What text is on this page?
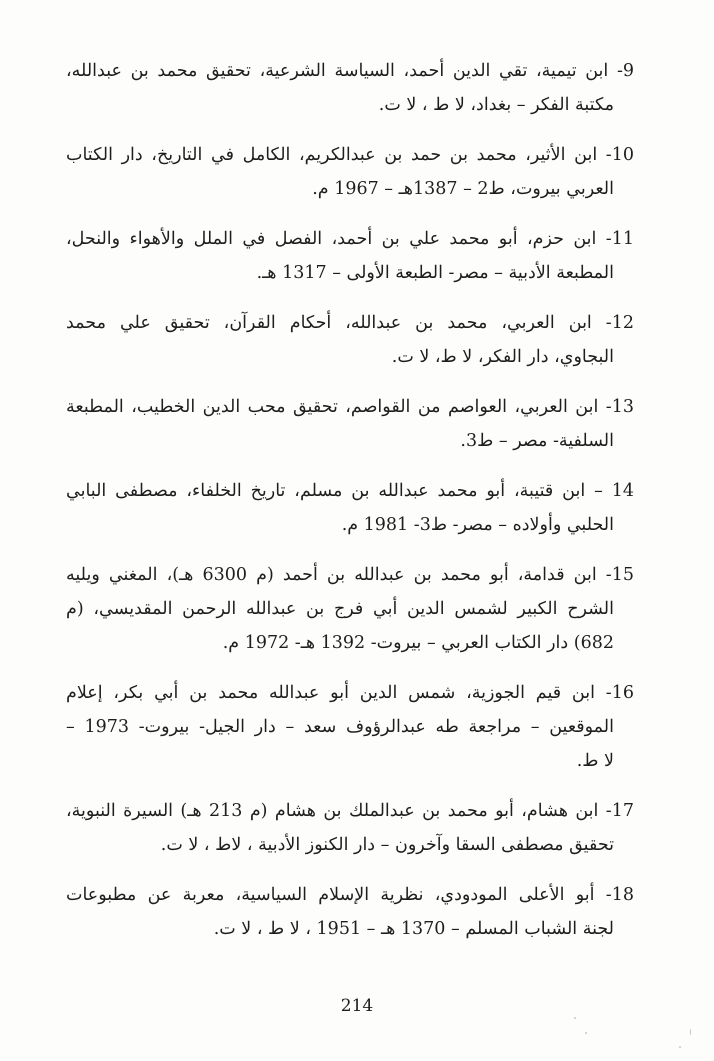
9- ابن تيمية، تقي الدين أحمد، السياسة الشرعية، تحقيق محمد بن عبدالله،
مكتبة الفكر – بغداد، لا ط ، لا ت.
10- ابن الأثير، محمد بن حمد بن عبدالكريم، الكامل في التاريخ، دار الكتاب
العربي بيروت، ط2 – 1387هـ – 1967 م.
11- ابن حزم، أبو محمد علي بن أحمد، الفصل في الملل والأهواء والنحل،
المطبعة الأدبية – مصر- الطبعة الأولى – 1317 هـ.
12- ابن العربي، محمد بن عبدالله، أحكام القرآن، تحقيق علي محمد
البجاوي، دار الفكر، لا ط، لا ت.
13- ابن العربي، العواصم من القواصم، تحقيق محب الدين الخطيب، المطبعة
السلفية- مصر – ط3.
14 – ابن قتيبة، أبو محمد عبدالله بن مسلم، تاريخ الخلفاء، مصطفى البابي
الحلبي وأولاده – مصر- ط3- 1981 م.
15- ابن قدامة، أبو محمد بن عبدالله بن أحمد (م 6300 هـ)، المغني ويليه
الشرح الكبير لشمس الدين أبي فرج بن عبدالله الرحمن المقديسي، (م
682) دار الكتاب العربي – بيروت- 1392 هـ- 1972 م.
16- ابن قيم الجوزية، شمس الدين أبو عبدالله محمد بن أبي بكر، إعلام
الموقعين – مراجعة طه عبدالرؤوف سعد – دار الجيل- بيروت- 1973 –
لا ط.
17- ابن هشام، أبو محمد بن عبدالملك بن هشام (م 213 هـ) السيرة النبوية،
تحقيق مصطفى السقا وآخرون – دار الكنوز الأدبية ، لاط ، لا ت.
18- أبو الأعلى المودودي، نظرية الإسلام السياسية، معربة عن مطبوعات
لجنة الشباب المسلم – 1370 هـ – 1951 ، لا ط ، لا ت.
214
